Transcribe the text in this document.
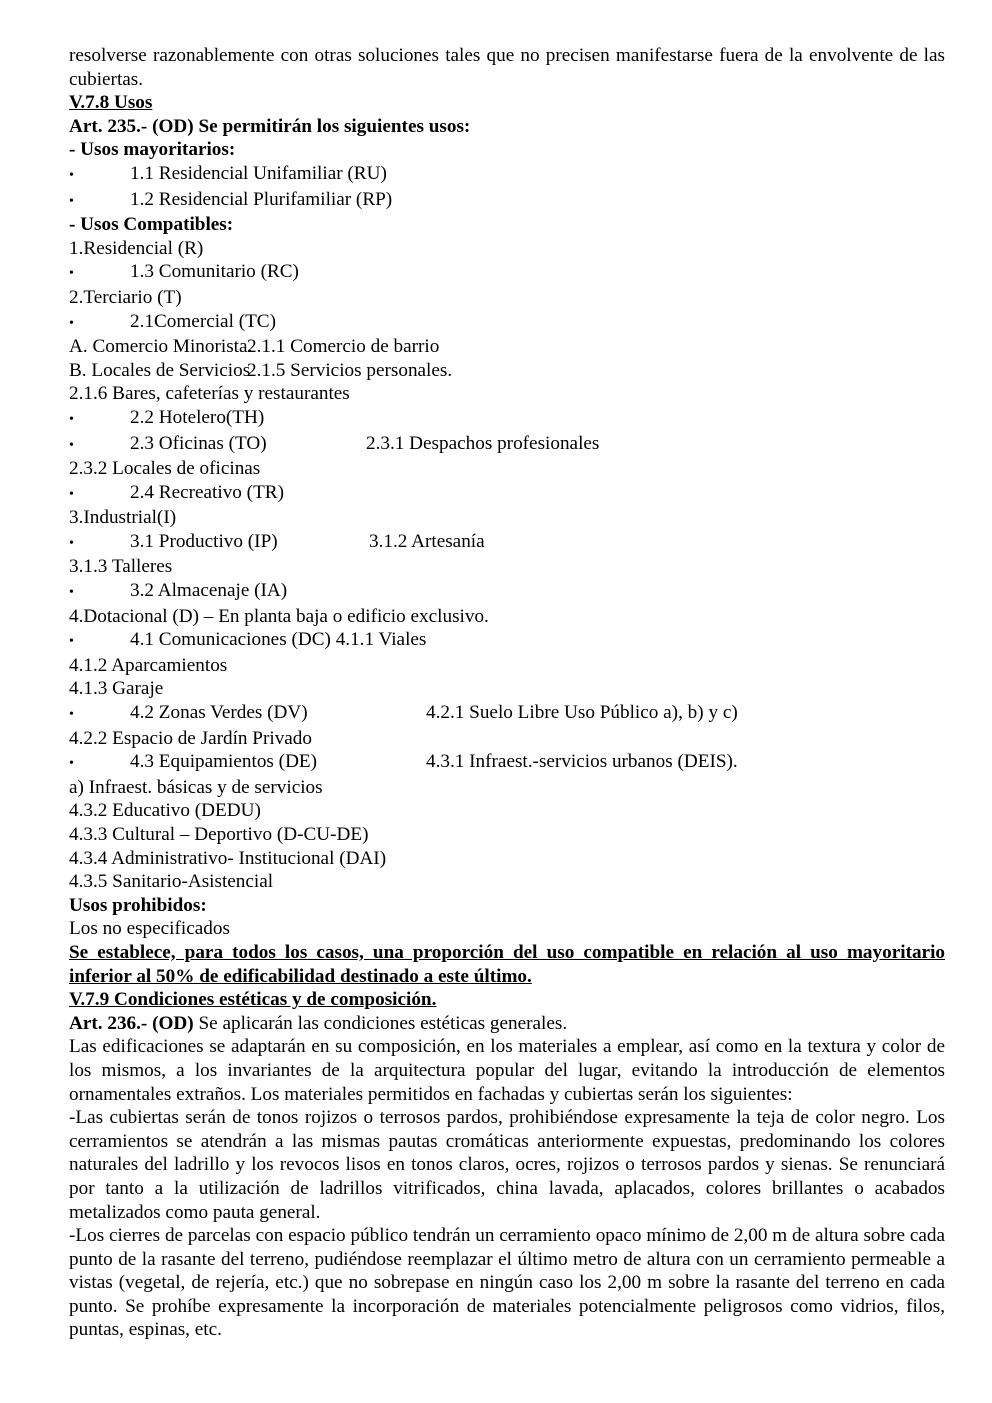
resolverse razonablemente con otras soluciones tales que no precisen manifestarse fuera de la envolvente de las cubiertas.

V.7.8 Usos

Art. 235.- (OD) Se permitirán los siguientes usos:

- Usos mayoritarios:

•	1.1 Residencial Unifamiliar (RU)

•	1.2 Residencial Plurifamiliar (RP)

- Usos Compatibles:

1.Residencial (R)

•	1.3 Comunitario (RC)

2.Terciario (T)

•	2.1Comercial (TC)

A. Comercio Minorista.2.1.1 Comercio de barrio

B. Locales de Servicios2.1.5 Servicios personales.

2.1.6 Bares, cafeterías y restaurantes

•	2.2 Hotelero(TH)

•	2.3 Oficinas (TO)	2.3.1 Despachos profesionales

2.3.2 Locales de oficinas

•	2.4 Recreativo (TR)

3.Industrial(I)

•	3.1 Productivo (IP)	3.1.2 Artesanía

3.1.3 Talleres

•	3.2 Almacenaje (IA)

4.Dotacional (D) – En planta baja o edificio exclusivo.

•	4.1 Comunicaciones (DC) 4.1.1 Viales

4.1.2 Aparcamientos

4.1.3 Garaje

•	4.2 Zonas Verdes (DV)	4.2.1 Suelo Libre Uso Público a), b) y c)

4.2.2 Espacio de Jardín Privado

•	4.3 Equipamientos (DE)	4.3.1 Infraest.-servicios urbanos (DEIS).

a) Infraest. básicas y de servicios

4.3.2 Educativo (DEDU)

4.3.3 Cultural – Deportivo (D-CU-DE)

4.3.4 Administrativo- Institucional (DAI)

4.3.5 Sanitario-Asistencial

Usos prohibidos:

Los no especificados

Se establece, para todos los casos, una proporción del uso compatible en relación al uso mayoritario inferior al 50% de edificabilidad destinado a este último.

V.7.9 Condiciones estéticas y de composición.

Art. 236.- (OD) Se aplicarán las condiciones estéticas generales.

Las edificaciones se adaptarán en su composición, en los materiales a emplear, así como en la textura y color de los mismos, a los invariantes de la arquitectura popular del lugar, evitando la introducción de elementos ornamentales extraños. Los materiales permitidos en fachadas y cubiertas serán los siguientes:

-Las cubiertas serán de tonos rojizos o terrosos pardos, prohibiéndose expresamente la teja de color negro. Los cerramientos se atendrán a las mismas pautas cromáticas anteriormente expuestas, predominando los colores naturales del ladrillo y los revocos lisos en tonos claros, ocres, rojizos o terrosos pardos y sienas. Se renunciará por tanto a la utilización de ladrillos vitrificados, china lavada, aplacados, colores brillantes o acabados metalizados como pauta general.

-Los cierres de parcelas con espacio público tendrán un cerramiento opaco mínimo de 2,00 m de altura sobre cada punto de la rasante del terreno, pudiéndose reemplazar el último metro de altura con un cerramiento permeable a vistas (vegetal, de rejería, etc.) que no sobrepase en ningún caso los 2,00 m sobre la rasante del terreno en cada punto. Se prohíbe expresamente la incorporación de materiales potencialmente peligrosos como vidrios, filos, puntas, espinas, etc.
